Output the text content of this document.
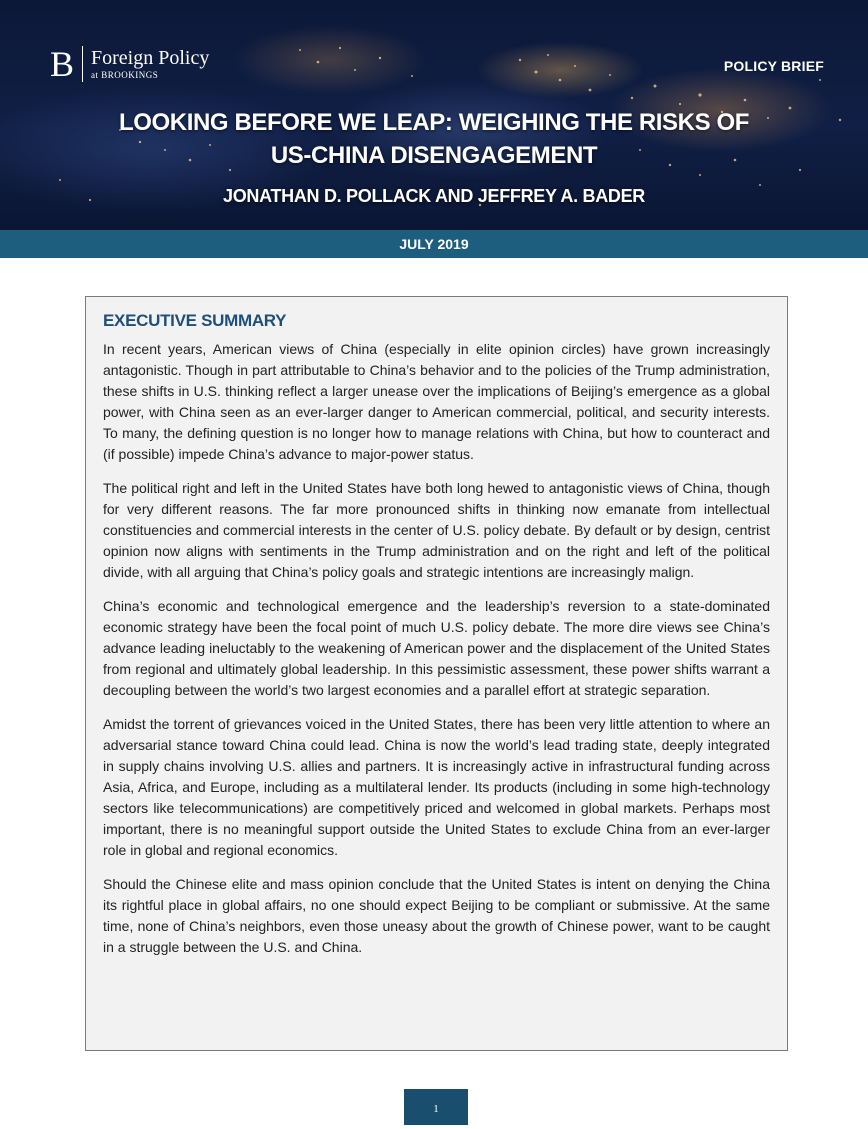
B Foreign Policy
at BROOKINGS
POLICY BRIEF
LOOKING BEFORE WE LEAP: WEIGHING THE RISKS OF
US-CHINA DISENGAGEMENT
JONATHAN D. POLLACK AND JEFFREY A. BADER
JULY 2019
EXECUTIVE SUMMARY

In recent years, American views of China (especially in elite opinion circles) have grown increasingly antagonistic. Though in part attributable to China’s behavior and to the policies of the Trump administration, these shifts in U.S. thinking reflect a larger unease over the implications of Beijing’s emergence as a global power, with China seen as an ever-larger danger to American commercial, political, and security interests. To many, the defining question is no longer how to manage relations with China, but how to counteract and (if possible) impede China’s advance to major-power status.

The political right and left in the United States have both long hewed to antagonistic views of China, though for very different reasons. The far more pronounced shifts in thinking now emanate from intellectual constituencies and commercial interests in the center of U.S. policy debate. By default or by design, centrist opinion now aligns with sentiments in the Trump administration and on the right and left of the political divide, with all arguing that China’s policy goals and strategic intentions are increasingly malign.

China’s economic and technological emergence and the leadership’s reversion to a state-dominated economic strategy have been the focal point of much U.S. policy debate. The more dire views see China’s advance leading ineluctably to the weakening of American power and the displacement of the United States from regional and ultimately global leadership. In this pessimistic assessment, these power shifts warrant a decoupling between the world’s two largest economies and a parallel effort at strategic separation.

Amidst the torrent of grievances voiced in the United States, there has been very little attention to where an adversarial stance toward China could lead. China is now the world’s lead trading state, deeply integrated in supply chains involving U.S. allies and partners. It is increasingly active in infrastructural funding across Asia, Africa, and Europe, including as a multilateral lender. Its products (including in some high-technology sectors like telecommunications) are competitively priced and welcomed in global markets. Perhaps most important, there is no meaningful support outside the United States to exclude China from an ever-larger role in global and regional economics.

Should the Chinese elite and mass opinion conclude that the United States is intent on denying the China its rightful place in global affairs, no one should expect Beijing to be compliant or submissive. At the same time, none of China’s neighbors, even those uneasy about the growth of Chinese power, want to be caught in a struggle between the U.S. and China.

1
